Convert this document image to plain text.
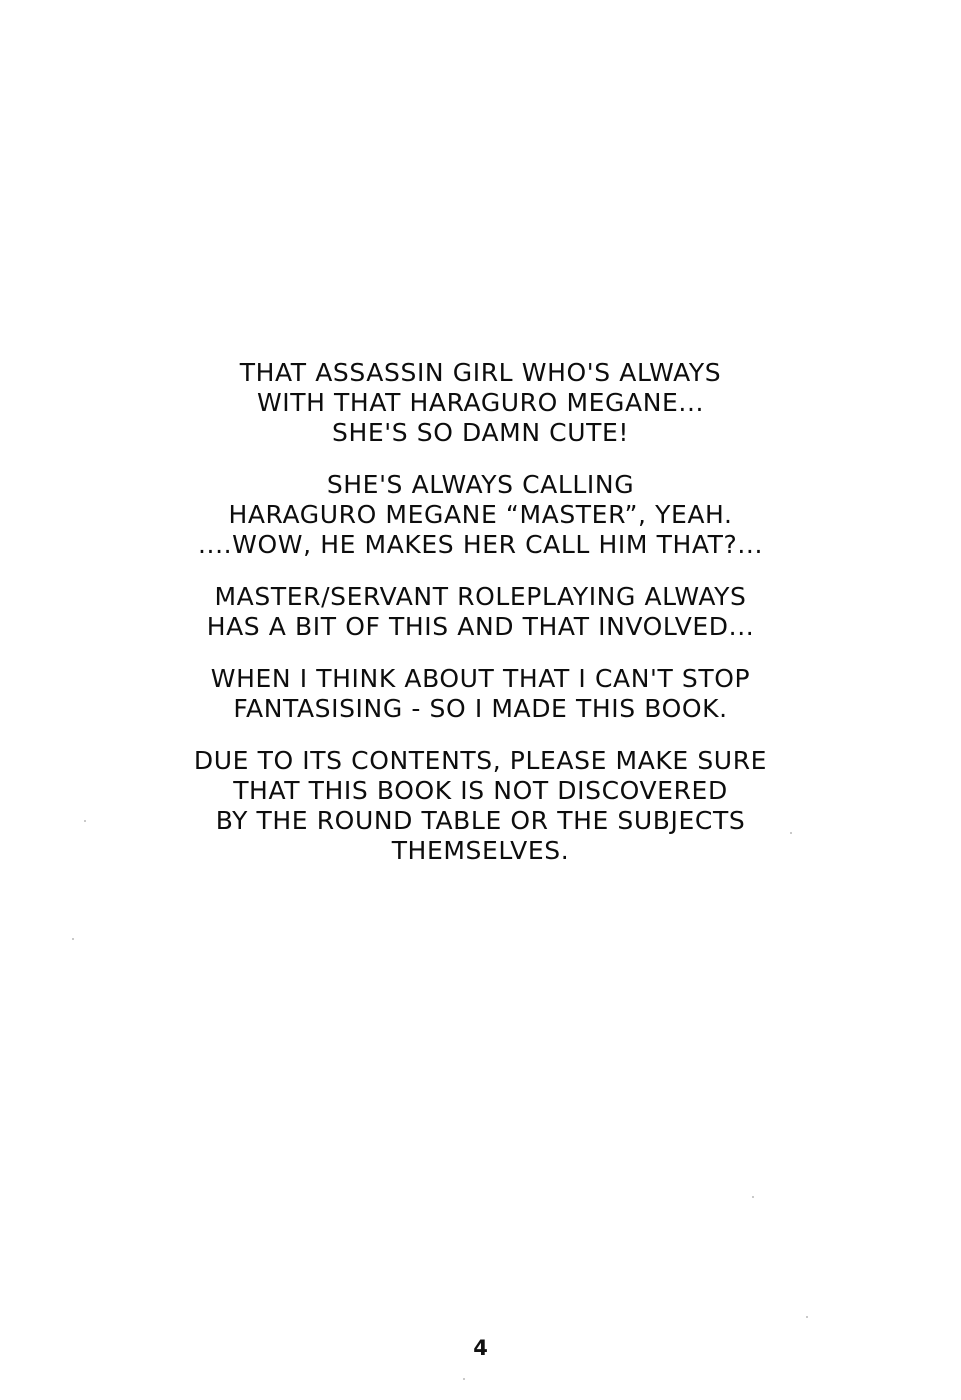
THAT ASSASSIN GIRL WHO'S ALWAYS
WITH THAT HARAGURO MEGANE...
SHE'S SO DAMN CUTE!
SHE'S ALWAYS CALLING
HARAGURO MEGANE “MASTER”, YEAH.
....WOW, HE MAKES HER CALL HIM THAT?...
MASTER/SERVANT ROLEPLAYING ALWAYS
HAS A BIT OF THIS AND THAT INVOLVED...
WHEN I THINK ABOUT THAT I CAN'T STOP
FANTASISING - SO I MADE THIS BOOK.
DUE TO ITS CONTENTS, PLEASE MAKE SURE
THAT THIS BOOK IS NOT DISCOVERED
BY THE ROUND TABLE OR THE SUBJECTS
THEMSELVES.
4
